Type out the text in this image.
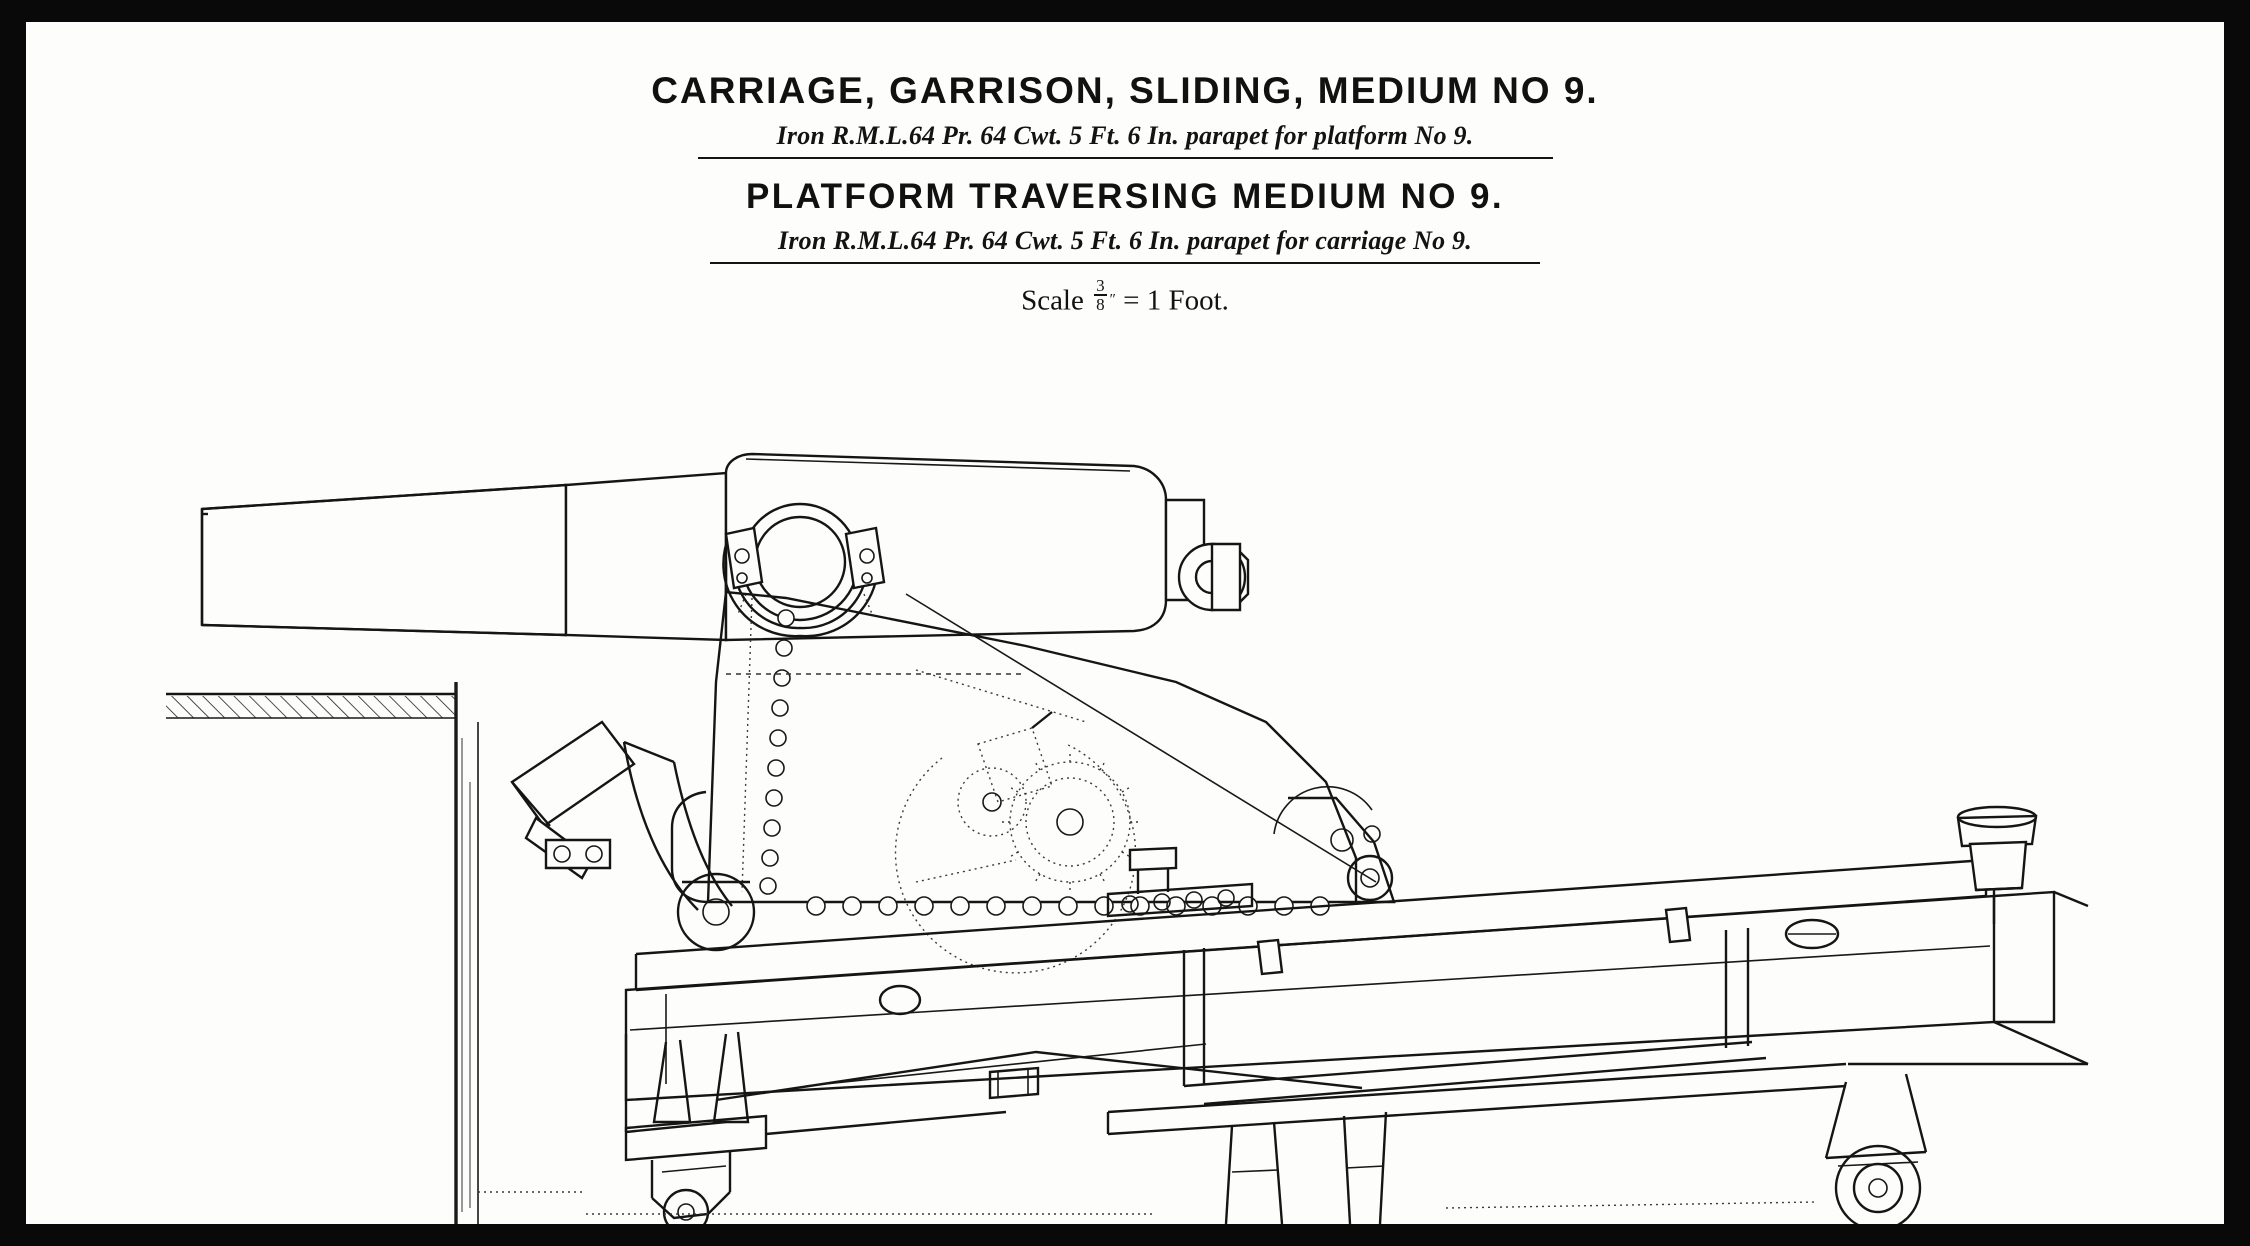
CARRIAGE, GARRISON, SLIDING, MEDIUM NO 9.
Iron R.M.L.64 Pr. 64 Cwt. 5 Ft. 6 In. parapet for platform No 9.
PLATFORM TRAVERSING MEDIUM NO 9.
Iron R.M.L.64 Pr. 64 Cwt. 5 Ft. 6 In. parapet for carriage No 9.
Scale $\frac{3}{8} '' = 1$ Foot.
